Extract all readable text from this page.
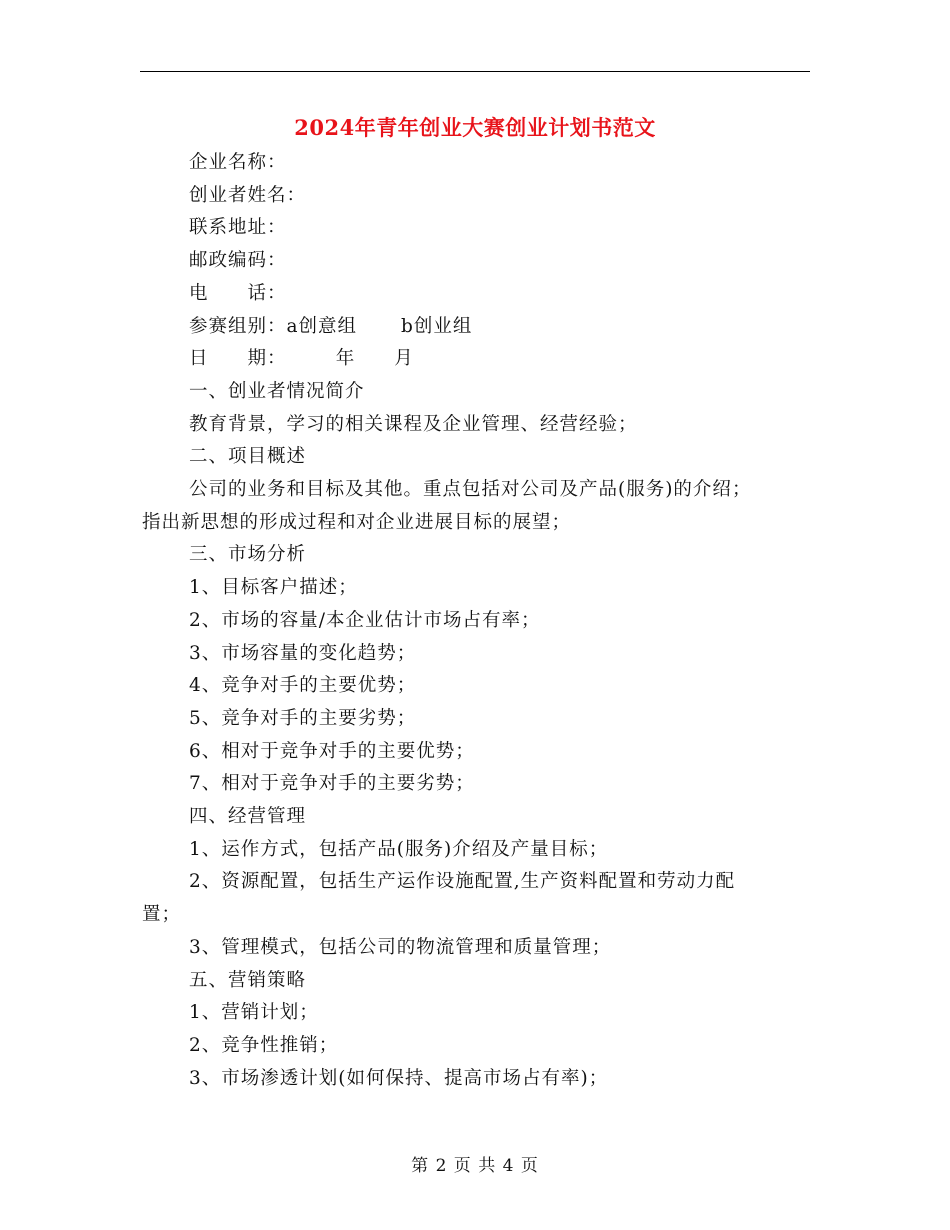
2024年青年创业大赛创业计划书范文

企业名称：

创业者姓名：

联系地址：

邮政编码：

电　　话：

参赛组别：a创意组 b创业组

日　　期：　　　年　　月

一、创业者情况简介

教育背景，学习的相关课程及企业管理、经营经验；

二、项目概述

公司的业务和目标及其他。重点包括对公司及产品(服务)的介绍；

指出新思想的形成过程和对企业进展目标的展望；

三、市场分析

1、目标客户描述；

2、市场的容量/本企业估计市场占有率；

3、市场容量的变化趋势；

4、竞争对手的主要优势；

5、竞争对手的主要劣势；

6、相对于竞争对手的主要优势；

7、相对于竞争对手的主要劣势；

四、经营管理

1、运作方式，包括产品(服务)介绍及产量目标；

2、资源配置，包括生产运作设施配置,生产资料配置和劳动力配

置；

3、管理模式，包括公司的物流管理和质量管理；

五、营销策略

1、营销计划；

2、竞争性推销；

3、市场渗透计划(如何保持、提高市场占有率)；

第 2 页 共 4 页
